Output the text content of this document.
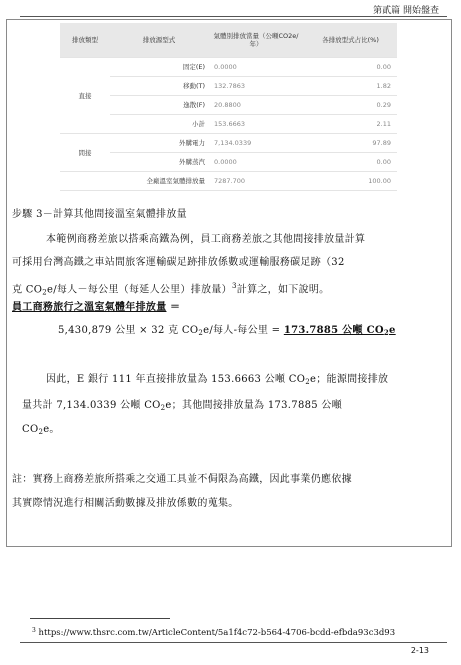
第貳篇 開始盤查
排放類型	排放源型式	氣體別排放當量（公噸CO2e/年）	各排放型式占比(%)
直接	固定(E)	0.0000	0.00
	移動(T)	132.7863	1.82
	逸散(F)	20.8800	0.29
	小計	153.6663	2.11
間接	外購電力	7,134.0339	97.89
	外購蒸汽	0.0000	0.00
全廠溫室氣體排放量		7287.700	100.00
步驟 3－計算其他間接溫室氣體排放量
本範例商務差旅以搭乘高鐵為例，員工商務差旅之其他間接排放量計算
可採用台灣高鐵之車站間旅客運輸碳足跡排放係數或運輸服務碳足跡（32
克 $CO_2e/$每人－每公里（每延人公里）排放量）$^3$計算之，如下說明。
員工商務旅行之溫室氣體年排放量 ＝
5,430,879 公里 × 32 克 $CO_2e/$每人-每公里 = 173.7885 公噸 $CO_2e$
因此，E 銀行 111 年直接排放量為 153.6663 公噸 $CO_2e$；能源間接排放
量共計 7,134.0339 公噸 $CO_2e$；其他間接排放量為 173.7885 公噸
$CO_2e$。
註：實務上商務差旅所搭乘之交通工具並不侷限為高鐵，因此事業仍應依據
其實際情況進行相關活動數據及排放係數的蒐集。
$^3$ https://www.thsrc.com.tw/ArticleContent/5a1f4c72-b564-4706-bcdd-efbda93c3d93
2-13
